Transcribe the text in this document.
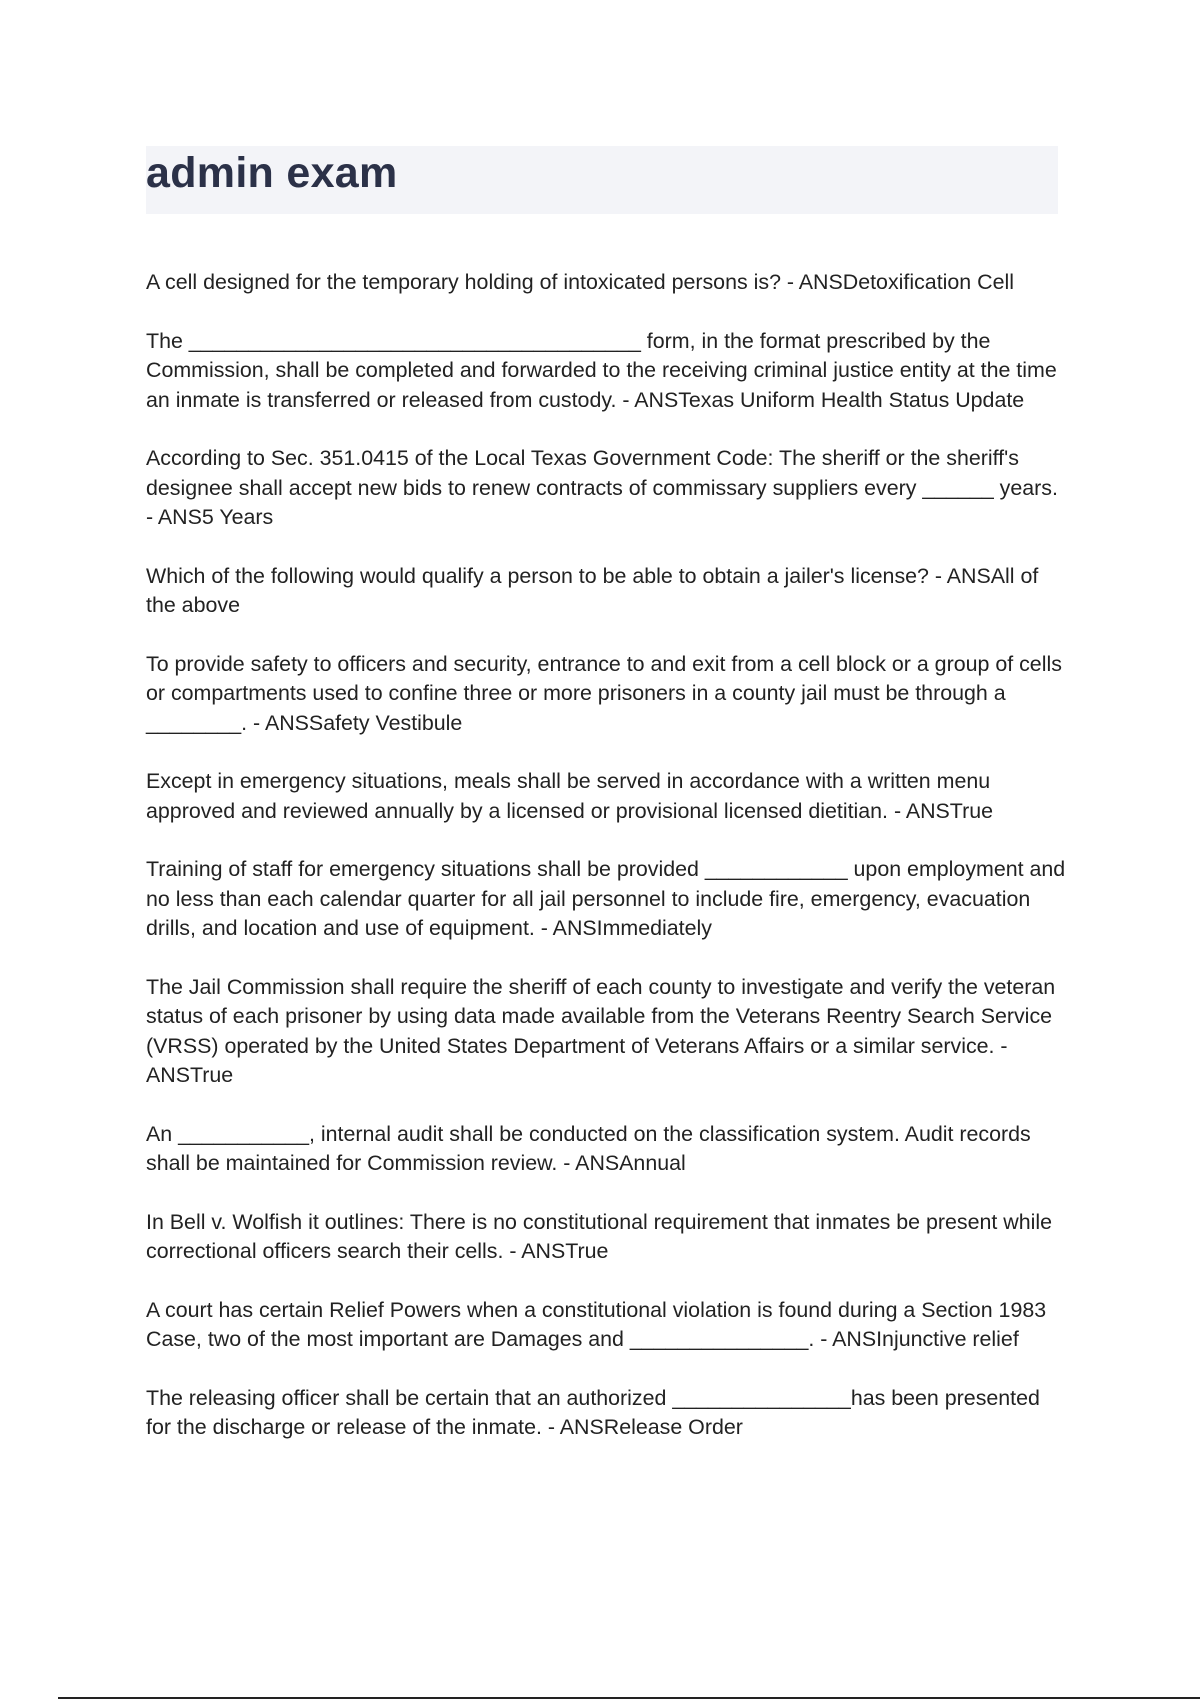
admin exam

A cell designed for the temporary holding of intoxicated persons is? - ANSDetoxification Cell

The ______________________________________ form, in the format prescribed by the Commission, shall be completed and forwarded to the receiving criminal justice entity at the time an inmate is transferred or released from custody. - ANSTexas Uniform Health Status Update

According to Sec. 351.0415 of the Local Texas Government Code: The sheriff or the sheriff's designee shall accept new bids to renew contracts of commissary suppliers every ______ years. - ANS5 Years

Which of the following would qualify a person to be able to obtain a jailer's license? - ANSAll of the above

To provide safety to officers and security, entrance to and exit from a cell block or a group of cells or compartments used to confine three or more prisoners in a county jail must be through a ________. - ANSSafety Vestibule

Except in emergency situations, meals shall be served in accordance with a written menu approved and reviewed annually by a licensed or provisional licensed dietitian. - ANSTrue

Training of staff for emergency situations shall be provided ____________ upon employment and no less than each calendar quarter for all jail personnel to include fire, emergency, evacuation drills, and location and use of equipment. - ANSImmediately

The Jail Commission shall require the sheriff of each county to investigate and verify the veteran status of each prisoner by using data made available from the Veterans Reentry Search Service (VRSS) operated by the United States Department of Veterans Affairs or a similar service. - ANSTrue

An ___________, internal audit shall be conducted on the classification system. Audit records shall be maintained for Commission review. - ANSAnnual

In Bell v. Wolfish it outlines: There is no constitutional requirement that inmates be present while correctional officers search their cells. - ANSTrue

A court has certain Relief Powers when a constitutional violation is found during a Section 1983 Case, two of the most important are Damages and _______________. - ANSInjunctive relief

The releasing officer shall be certain that an authorized _______________has been presented for the discharge or release of the inmate. - ANSRelease Order
